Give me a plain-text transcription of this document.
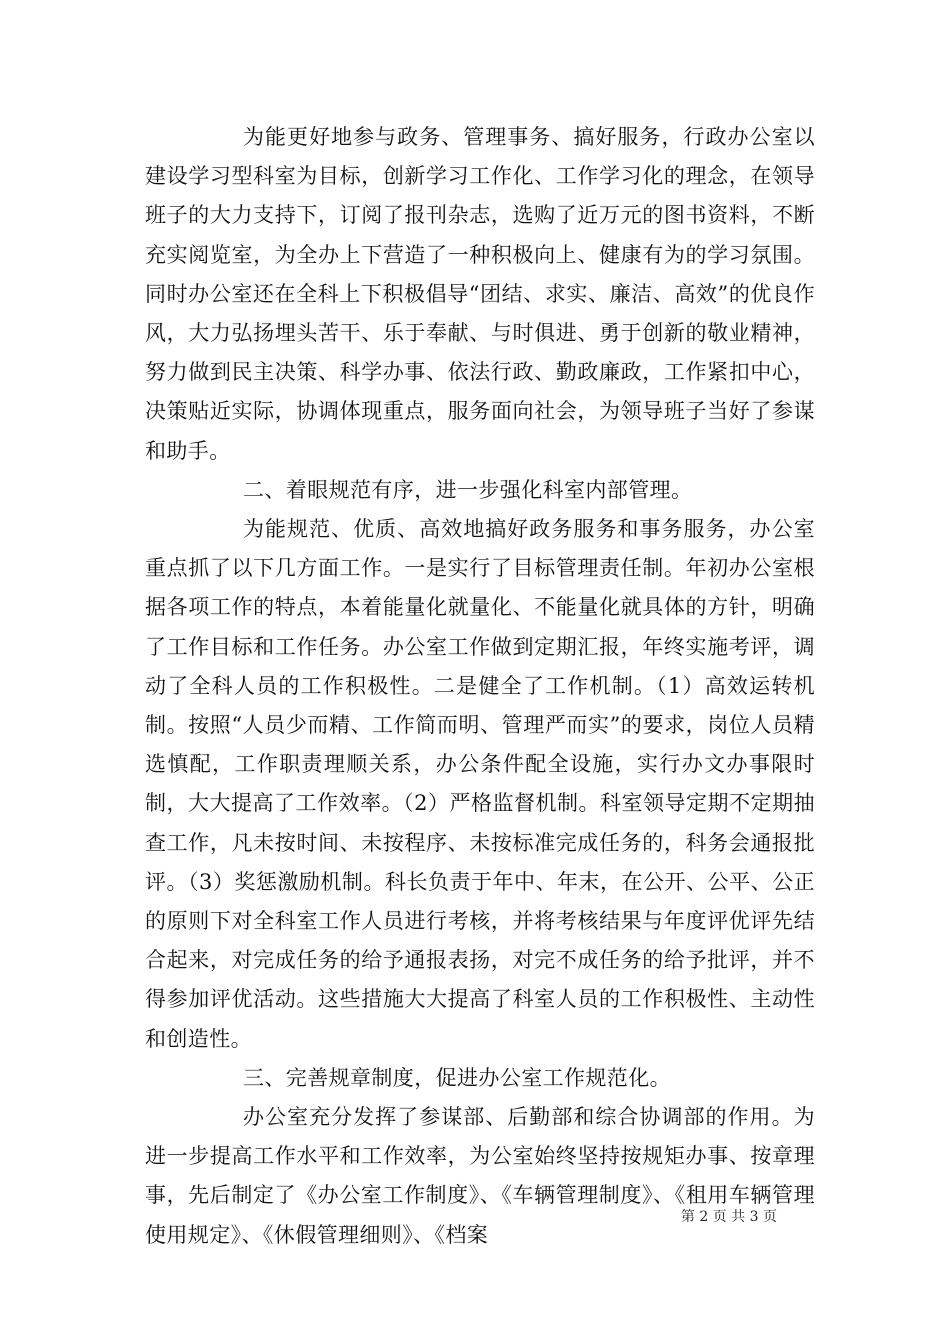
为能更好地参与政务、管理事务、搞好服务，行政办公室以建设学习型科室为目标，创新学习工作化、工作学习化的理念，在领导班子的大力支持下，订阅了报刊杂志，选购了近万元的图书资料，不断充实阅览室，为全办上下营造了一种积极向上、健康有为的学习氛围。同时办公室还在全科上下积极倡导“团结、求实、廉洁、高效”的优良作风，大力弘扬埋头苦干、乐于奉献、与时俱进、勇于创新的敬业精神，努力做到民主决策、科学办事、依法行政、勤政廉政，工作紧扣中心，决策贴近实际，协调体现重点，服务面向社会，为领导班子当好了参谋和助手。

二、着眼规范有序，进一步强化科室内部管理。

为能规范、优质、高效地搞好政务服务和事务服务，办公室重点抓了以下几方面工作。一是实行了目标管理责任制。年初办公室根据各项工作的特点，本着能量化就量化、不能量化就具体的方针，明确了工作目标和工作任务。办公室工作做到定期汇报，年终实施考评，调动了全科人员的工作积极性。二是健全了工作机制。（1）高效运转机制。按照“人员少而精、工作简而明、管理严而实”的要求，岗位人员精选慎配，工作职责理顺关系，办公条件配全设施，实行办文办事限时制，大大提高了工作效率。（2）严格监督机制。科室领导定期不定期抽查工作，凡未按时间、未按程序、未按标准完成任务的，科务会通报批评。（3）奖惩激励机制。科长负责于年中、年末，在公开、公平、公正的原则下对全科室工作人员进行考核，并将考核结果与年度评优评先结合起来，对完成任务的给予通报表扬，对完不成任务的给予批评，并不得参加评优活动。这些措施大大提高了科室人员的工作积极性、主动性和创造性。

三、完善规章制度，促进办公室工作规范化。

办公室充分发挥了参谋部、后勤部和综合协调部的作用。为进一步提高工作水平和工作效率，为公室始终坚持按规矩办事、按章理事，先后制定了《办公室工作制度》、《车辆管理制度》、《租用车辆管理使用规定》、《休假管理细则》、《档案

第 2 页 共 3 页
